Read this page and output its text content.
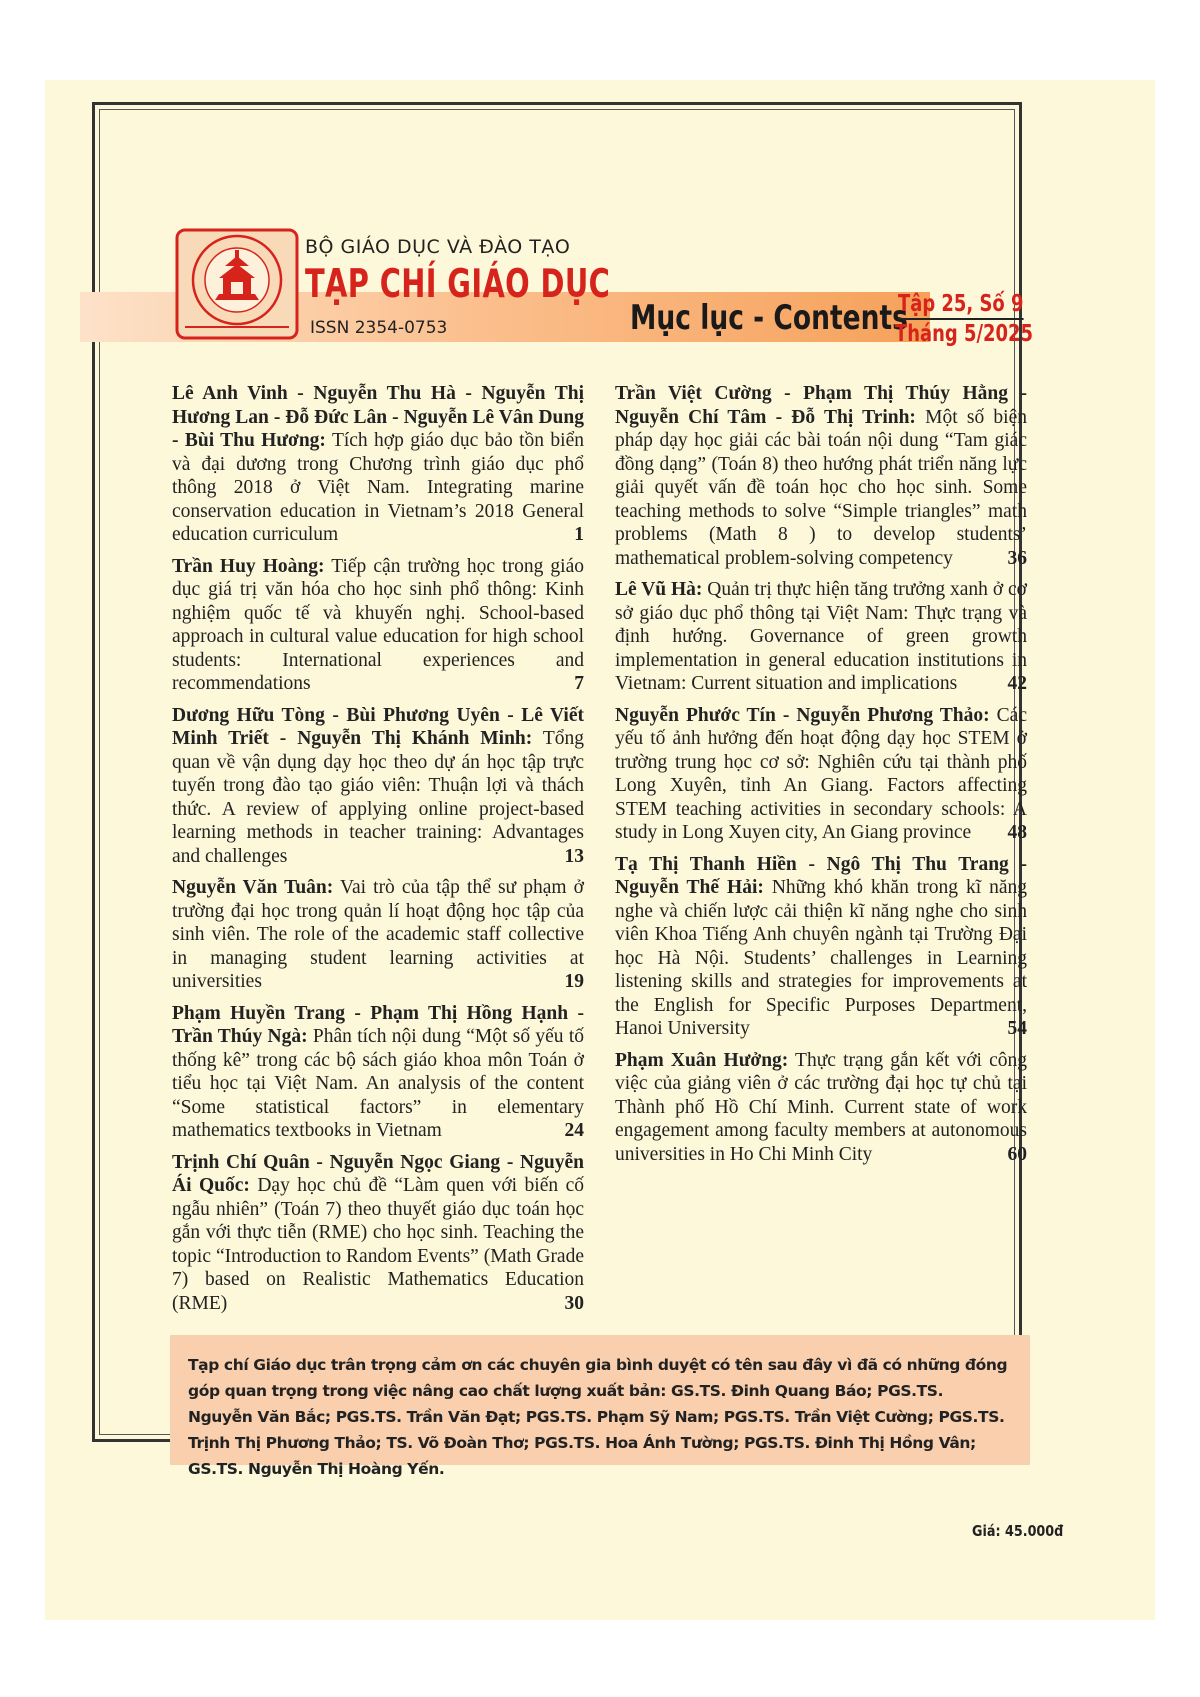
BỘ GIÁO DỤC VÀ ĐÀO TẠO
TẠP CHÍ GIÁO DỤC
ISSN 2354-0753	Mục lục - Contents
Tập 25, Số 9
Tháng 5/2025
Lê Anh Vinh - Nguyễn Thu Hà - Nguyễn Thị Hương Lan - Đỗ Đức Lân - Nguyễn Lê Vân Dung - Bùi Thu Hương: Tích hợp giáo dục bảo tồn biển và đại dương trong Chương trình giáo dục phổ thông 2018 ở Việt Nam. Integrating marine conservation education in Vietnam’s 2018 General education curriculum	1
Trần Huy Hoàng: Tiếp cận trường học trong giáo dục giá trị văn hóa cho học sinh phổ thông: Kinh nghiệm quốc tế và khuyến nghị. School-based approach in cultural value education for high school students: International experiences and recommendations	7
Dương Hữu Tòng - Bùi Phương Uyên - Lê Viết Minh Triết - Nguyễn Thị Khánh Minh: Tổng quan về vận dụng dạy học theo dự án học tập trực tuyến trong đào tạo giáo viên: Thuận lợi và thách thức. A review of applying online project-based learning methods in teacher training: Advantages and challenges	13
Nguyễn Văn Tuân: Vai trò của tập thể sư phạm ở trường đại học trong quản lí hoạt động học tập của sinh viên. The role of the academic staff collective in managing student learning activities at universities	19
Phạm Huyền Trang - Phạm Thị Hồng Hạnh - Trần Thúy Ngà: Phân tích nội dung “Một số yếu tố thống kê” trong các bộ sách giáo khoa môn Toán ở tiểu học tại Việt Nam. An analysis of the content “Some statistical factors” in elementary mathematics textbooks in Vietnam	24
Trịnh Chí Quân - Nguyễn Ngọc Giang - Nguyễn Ái Quốc: Dạy học chủ đề “Làm quen với biến cố ngẫu nhiên” (Toán 7) theo thuyết giáo dục toán học gắn với thực tiễn (RME) cho học sinh. Teaching the topic “Introduction to Random Events” (Math Grade 7) based on Realistic Mathematics Education (RME)	30
Trần Việt Cường - Phạm Thị Thúy Hằng - Nguyễn Chí Tâm - Đỗ Thị Trinh: Một số biện pháp dạy học giải các bài toán nội dung “Tam giác đồng dạng” (Toán 8) theo hướng phát triển năng lực giải quyết vấn đề toán học cho học sinh. Some teaching methods to solve “Simple triangles” math problems (Math 8 ) to develop students’ mathematical problem-solving competency	36
Lê Vũ Hà: Quản trị thực hiện tăng trưởng xanh ở cơ sở giáo dục phổ thông tại Việt Nam: Thực trạng và định hướng. Governance of green growth implementation in general education institutions in Vietnam: Current situation and implications	42
Nguyễn Phước Tín - Nguyễn Phương Thảo: Các yếu tố ảnh hưởng đến hoạt động dạy học STEM ở trường trung học cơ sở: Nghiên cứu tại thành phố Long Xuyên, tỉnh An Giang. Factors affecting STEM teaching activities in secondary schools: A study in Long Xuyen city, An Giang province 48
Tạ Thị Thanh Hiền - Ngô Thị Thu Trang - Nguyễn Thế Hải: Những khó khăn trong kĩ năng nghe và chiến lược cải thiện kĩ năng nghe cho sinh viên Khoa Tiếng Anh chuyên ngành tại Trường Đại học Hà Nội. Students’ challenges in Learning listening skills and strategies for improvements at the English for Specific Purposes Department, Hanoi University	54
Phạm Xuân Hưởng: Thực trạng gắn kết với công việc của giảng viên ở các trường đại học tự chủ tại Thành phố Hồ Chí Minh. Current state of work engagement among faculty members at autonomous universities in Ho Chi Minh City	60
Tạp chí Giáo dục trân trọng cảm ơn các chuyên gia bình duyệt có tên sau đây vì đã có những đóng góp quan trọng trong việc nâng cao chất lượng xuất bản: GS.TS. Đinh Quang Báo; PGS.TS. Nguyễn Văn Bắc; PGS.TS. Trần Văn Đạt; PGS.TS. Phạm Sỹ Nam; PGS.TS. Trần Việt Cường; PGS.TS. Trịnh Thị Phương Thảo; TS. Võ Đoàn Thơ; PGS.TS. Hoa Ánh Tường; PGS.TS. Đinh Thị Hồng Vân; GS.TS. Nguyễn Thị Hoàng Yến.
Giá: 45.000đ
